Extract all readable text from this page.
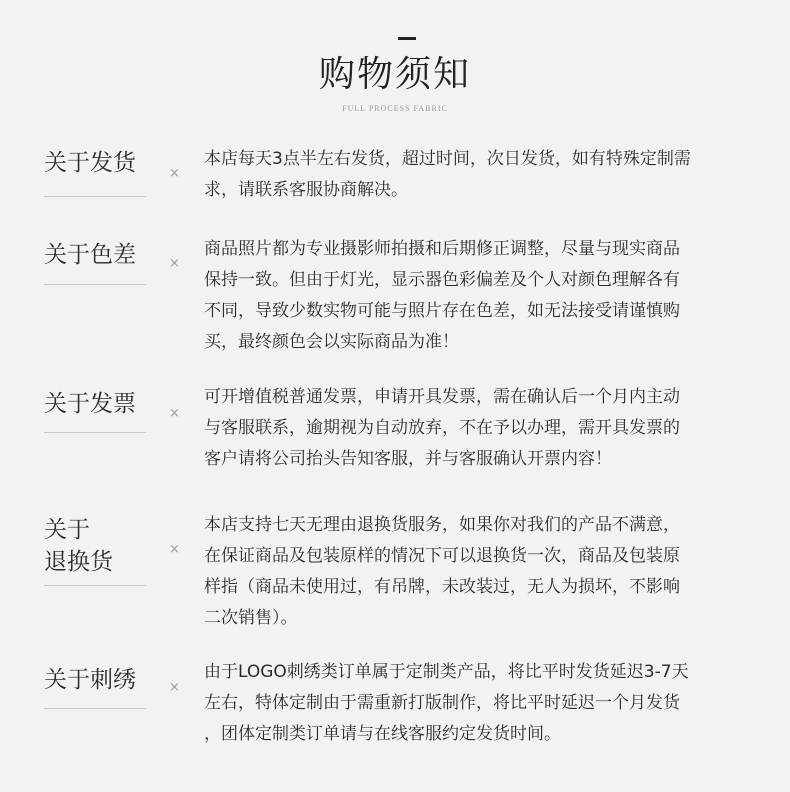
购物须知
FULL PROCESS FABRIC
关于发货	×

本店每天3点半左右发货，超过时间，次日发货，如有特殊定制需
求，请联系客服协商解决。

关于色差	×

商品照片都为专业摄影师拍摄和后期修正调整，尽量与现实商品
保持一致。但由于灯光，显示器色彩偏差及个人对颜色理解各有
不同，导致少数实物可能与照片存在色差，如无法接受请谨慎购
买，最终颜色会以实际商品为准！

关于发票	×

可开增值税普通发票，申请开具发票，需在确认后一个月内主动
与客服联系，逾期视为自动放弃，不在予以办理，需开具发票的
客户请将公司抬头告知客服，并与客服确认开票内容！

关于
退换货	×

本店支持七天无理由退换货服务，如果你对我们的产品不满意，
在保证商品及包装原样的情况下可以退换货一次，商品及包装原
样指（商品未使用过，有吊牌，未改装过，无人为损坏，不影响
二次销售）。

关于刺绣	×

由于LOGO刺绣类订单属于定制类产品，将比平时发货延迟3-7天
左右，特体定制由于需重新打版制作，将比平时延迟一个月发货
，团体定制类订单请与在线客服约定发货时间。
